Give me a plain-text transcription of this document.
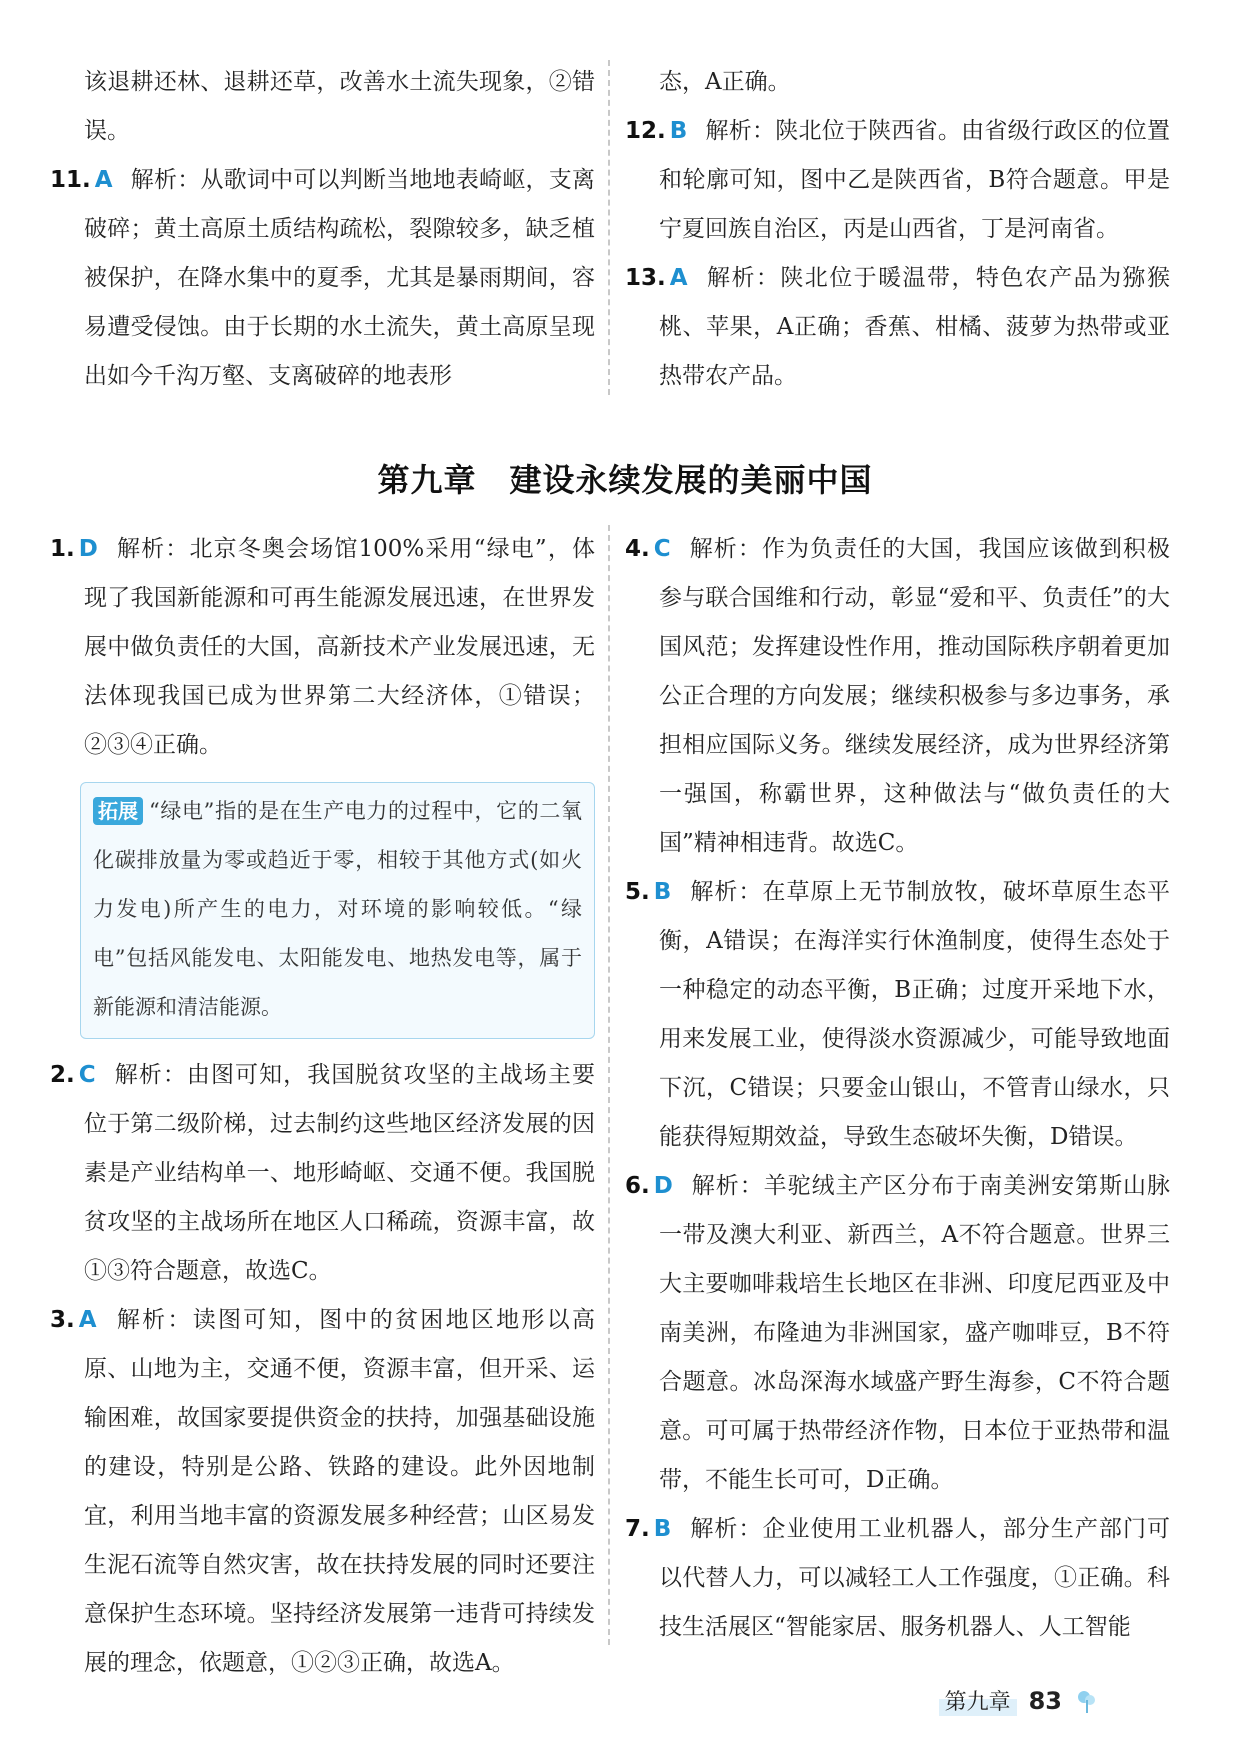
该退耕还林、退耕还草，改善水土流失现象，②错误。

11. A 解析：从歌词中可以判断当地地表崎岖，支离破碎；黄土高原土质结构疏松，裂隙较多，缺乏植被保护，在降水集中的夏季，尤其是暴雨期间，容易遭受侵蚀。由于长期的水土流失，黄土高原呈现出如今千沟万壑、支离破碎的地表形

态，A正确。

12. B 解析：陕北位于陕西省。由省级行政区的位置和轮廓可知，图中乙是陕西省，B符合题意。甲是宁夏回族自治区，丙是山西省，丁是河南省。

13. A 解析：陕北位于暖温带，特色农产品为猕猴桃、苹果，A正确；香蕉、柑橘、菠萝为热带或亚热带农产品。

第九章　建设永续发展的美丽中国

1. D 解析：北京冬奥会场馆100%采用“绿电”，体现了我国新能源和可再生能源发展迅速，在世界发展中做负责任的大国，高新技术产业发展迅速，无法体现我国已成为世界第二大经济体，①错误；②③④正确。

拓展 “绿电”指的是在生产电力的过程中，它的二氧化碳排放量为零或趋近于零，相较于其他方式(如火力发电)所产生的电力，对环境的影响较低。“绿电”包括风能发电、太阳能发电、地热发电等，属于新能源和清洁能源。

2. C 解析：由图可知，我国脱贫攻坚的主战场主要位于第二级阶梯，过去制约这些地区经济发展的因素是产业结构单一、地形崎岖、交通不便。我国脱贫攻坚的主战场所在地区人口稀疏，资源丰富，故①③符合题意，故选C。

3. A 解析：读图可知，图中的贫困地区地形以高原、山地为主，交通不便，资源丰富，但开采、运输困难，故国家要提供资金的扶持，加强基础设施的建设，特别是公路、铁路的建设。此外因地制宜，利用当地丰富的资源发展多种经营；山区易发生泥石流等自然灾害，故在扶持发展的同时还要注意保护生态环境。坚持经济发展第一违背可持续发展的理念，依题意，①②③正确，故选A。

4. C 解析：作为负责任的大国，我国应该做到积极参与联合国维和行动，彰显“爱和平、负责任”的大国风范；发挥建设性作用，推动国际秩序朝着更加公正合理的方向发展；继续积极参与多边事务，承担相应国际义务。继续发展经济，成为世界经济第一强国，称霸世界，这种做法与“做负责任的大国”精神相违背。故选C。

5. B 解析：在草原上无节制放牧，破坏草原生态平衡，A错误；在海洋实行休渔制度，使得生态处于一种稳定的动态平衡，B正确；过度开采地下水，用来发展工业，使得淡水资源减少，可能导致地面下沉，C错误；只要金山银山，不管青山绿水，只能获得短期效益，导致生态破坏失衡，D错误。

6. D 解析：羊驼绒主产区分布于南美洲安第斯山脉一带及澳大利亚、新西兰，A不符合题意。世界三大主要咖啡栽培生长地区在非洲、印度尼西亚及中南美洲，布隆迪为非洲国家，盛产咖啡豆，B不符合题意。冰岛深海水域盛产野生海参，C不符合题意。可可属于热带经济作物，日本位于亚热带和温带，不能生长可可，D正确。

7. B 解析：企业使用工业机器人，部分生产部门可以代替人力，可以减轻工人工作强度，①正确。科技生活展区“智能家居、服务机器人、人工智能

第九章 83
